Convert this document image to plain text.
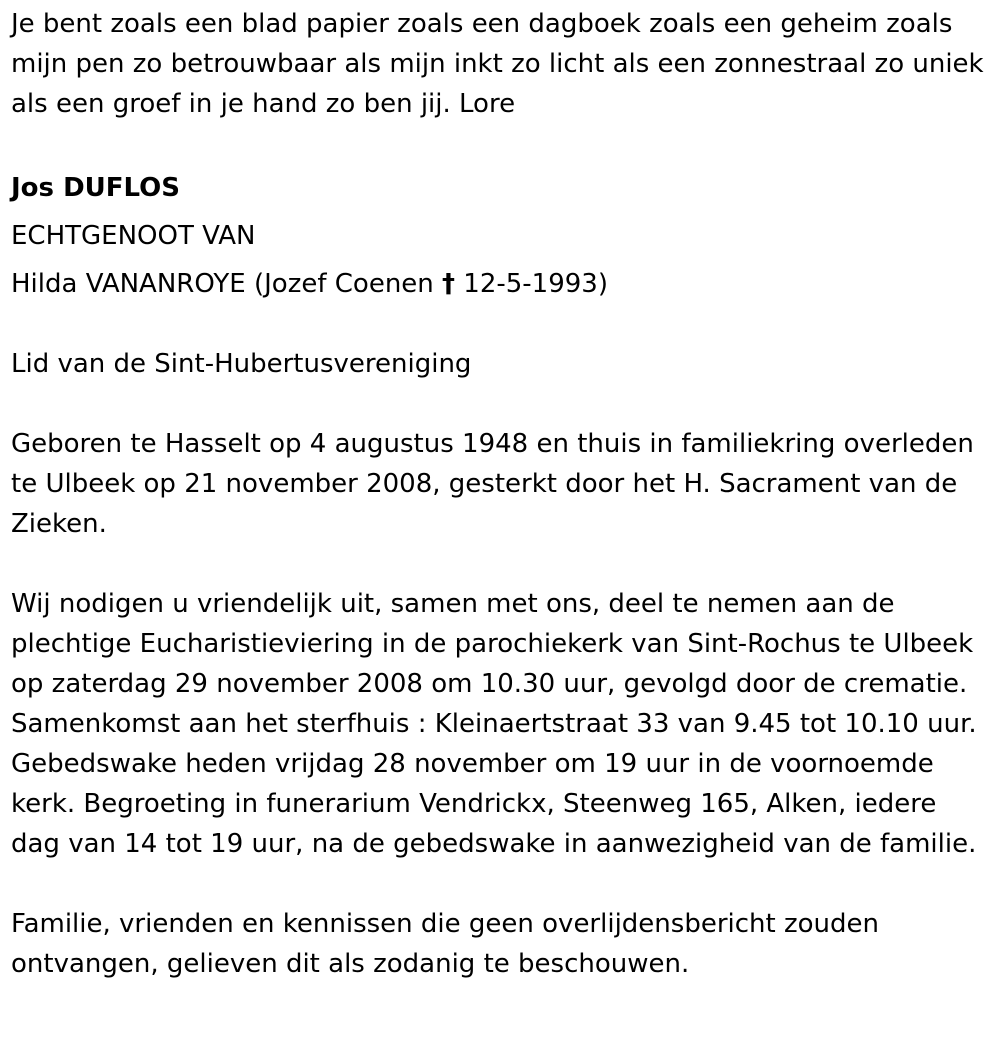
Je bent zoals een blad papier zoals een dagboek zoals een geheim zoals mijn pen zo betrouwbaar als mijn inkt zo licht als een zonnestraal zo uniek als een groef in je hand zo ben jij. Lore

Jos DUFLOS

ECHTGENOOT VAN

Hilda VANANROYE (Jozef Coenen † 12-5-1993)

Lid van de Sint-Hubertusvereniging

Geboren te Hasselt op 4 augustus 1948 en thuis in familiekring overleden te Ulbeek op 21 november 2008, gesterkt door het H. Sacrament van de Zieken.

Wij nodigen u vriendelijk uit, samen met ons, deel te nemen aan de plechtige Eucharistieviering in de parochiekerk van Sint-Rochus te Ulbeek op zaterdag 29 november 2008 om 10.30 uur, gevolgd door de crematie. Samenkomst aan het sterfhuis : Kleinaertstraat 33 van 9.45 tot 10.10 uur. Gebedswake heden vrijdag 28 november om 19 uur in de voornoemde kerk. Begroeting in funerarium Vendrickx, Steenweg 165, Alken, iedere dag van 14 tot 19 uur, na de gebedswake in aanwezigheid van de familie.

Familie, vrienden en kennissen die geen overlijdensbericht zouden ontvangen, gelieven dit als zodanig te beschouwen.
